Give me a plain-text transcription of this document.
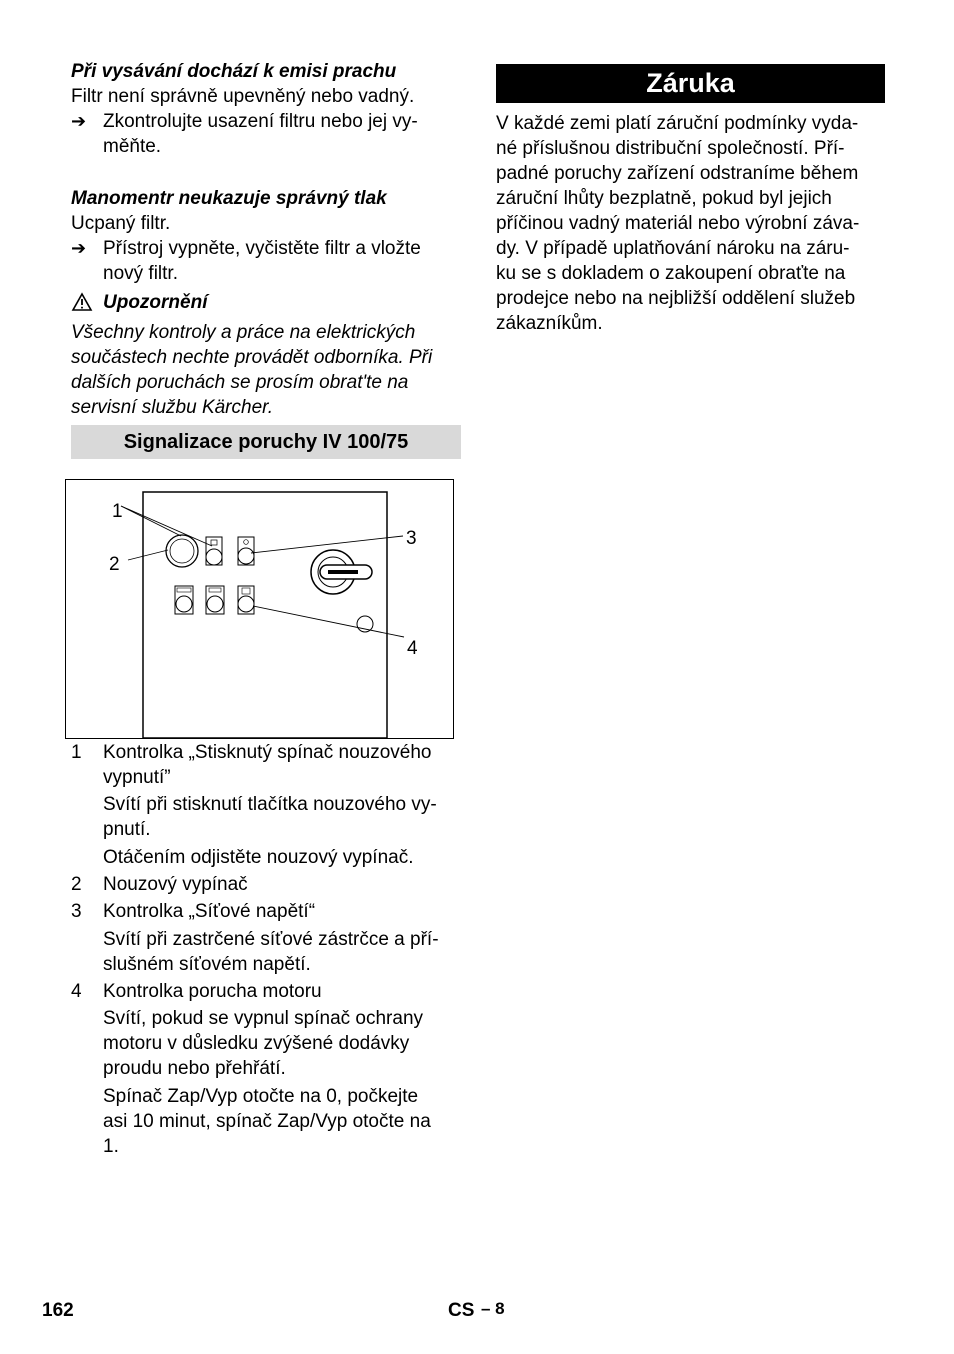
Při vysávání dochází k emisi prachu
Filtr není správně upevněný nebo vadný.
➔ Zkontrolujte usazení filtru nebo jej vy-
měňte.
Manomentr neukazuje správný tlak
Ucpaný filtr.
➔ Přístroj vypněte, vyčistěte filtr a vložte
nový filtr.
Upozornění
Všechny kontroly a práce na elektrických
součástech nechte provádět odborníka. Při
dalších poruchách se prosím obrat'te na
servisní službu Kärcher.
Signalizace poruchy IV 100/75
1
2
3
4
1 Kontrolka „Stisknutý spínač nouzového
vypnutí”
Svítí při stisknutí tlačítka nouzového vy-
pnutí.
Otáčením odjistěte nouzový vypínač.
2 Nouzový vypínač
3 Kontrolka „Síťové napětí“
Svítí při zastrčené síťové zástrčce a pří-
slušném síťovém napětí.
4 Kontrolka porucha motoru
Svítí, pokud se vypnul spínač ochrany
motoru v důsledku zvýšené dodávky
proudu nebo přehřátí.
Spínač Zap/Vyp otočte na 0, počkejte
asi 10 minut, spínač Zap/Vyp otočte na
1.
Záruka
V každé zemi platí záruční podmínky vyda-
né příslušnou distribuční společností. Pří-
padné poruchy zařízení odstraníme během
záruční lhůty bezplatně, pokud byl jejich
příčinou vadný materiál nebo výrobní záva-
dy. V případě uplatňování nároku na záru-
ku se s dokladem o zakoupení obraťte na
prodejce nebo na nejbližší oddělení služeb
zákazníkům.
162	CS – 8
